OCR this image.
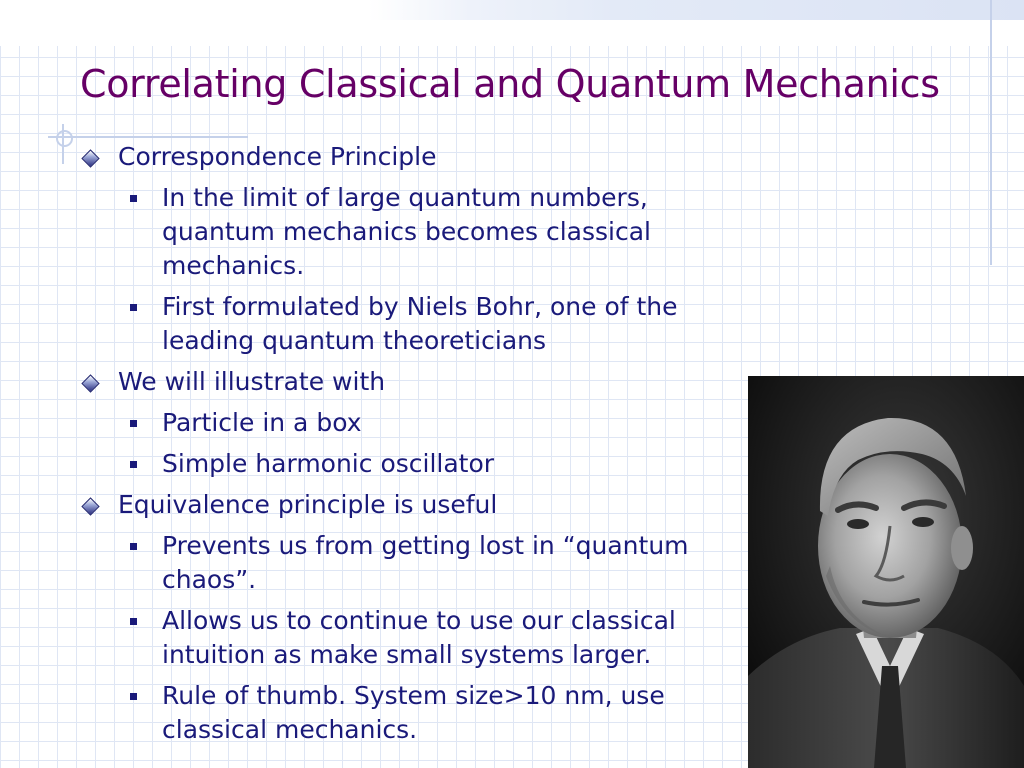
Correlating Classical and Quantum Mechanics
Correspondence Principle
In the limit of large quantum numbers, quantum mechanics becomes classical mechanics.
First formulated by Niels Bohr, one of the leading quantum theoreticians
We will illustrate with
Particle in a box
Simple harmonic oscillator
Equivalence principle is useful
Prevents us from getting lost in “quantum chaos”.
Allows us to continue to use our classical intuition as make small systems larger.
Rule of thumb. System size>10 nm, use classical mechanics.
